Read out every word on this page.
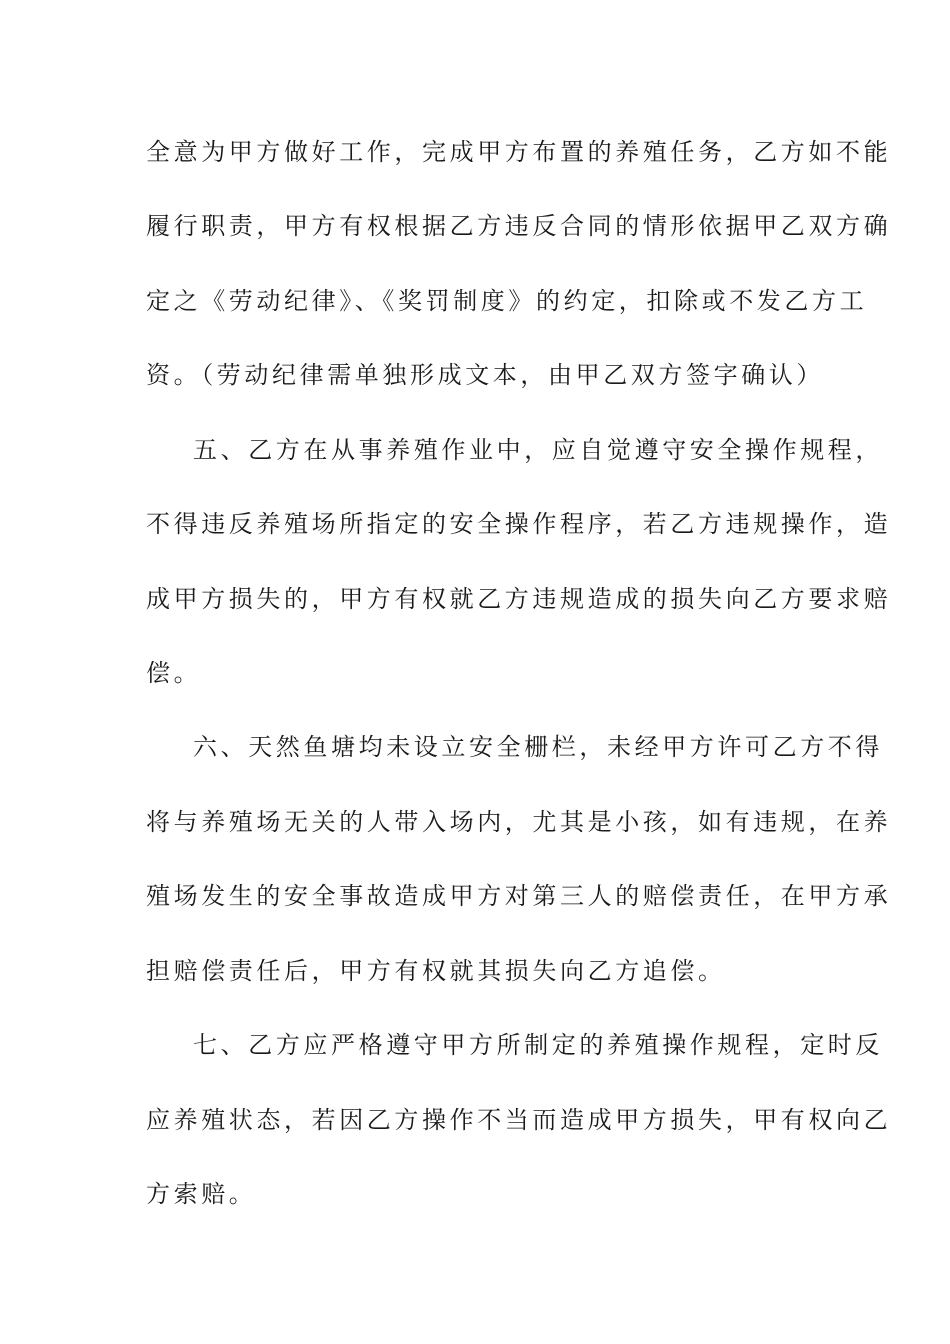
全意为甲方做好工作，完成甲方布置的养殖任务，乙方如不能
履行职责，甲方有权根据乙方违反合同的情形依据甲乙双方确
定之《劳动纪律》、《奖罚制度》的约定，扣除或不发乙方工
资。（劳动纪律需单独形成文本，由甲乙双方签字确认）
五、乙方在从事养殖作业中，应自觉遵守安全操作规程，
不得违反养殖场所指定的安全操作程序，若乙方违规操作，造
成甲方损失的，甲方有权就乙方违规造成的损失向乙方要求赔
偿。
六、天然鱼塘均未设立安全栅栏，未经甲方许可乙方不得
将与养殖场无关的人带入场内，尤其是小孩，如有违规，在养
殖场发生的安全事故造成甲方对第三人的赔偿责任，在甲方承
担赔偿责任后，甲方有权就其损失向乙方追偿。
七、乙方应严格遵守甲方所制定的养殖操作规程，定时反
应养殖状态，若因乙方操作不当而造成甲方损失，甲有权向乙
方索赔。
